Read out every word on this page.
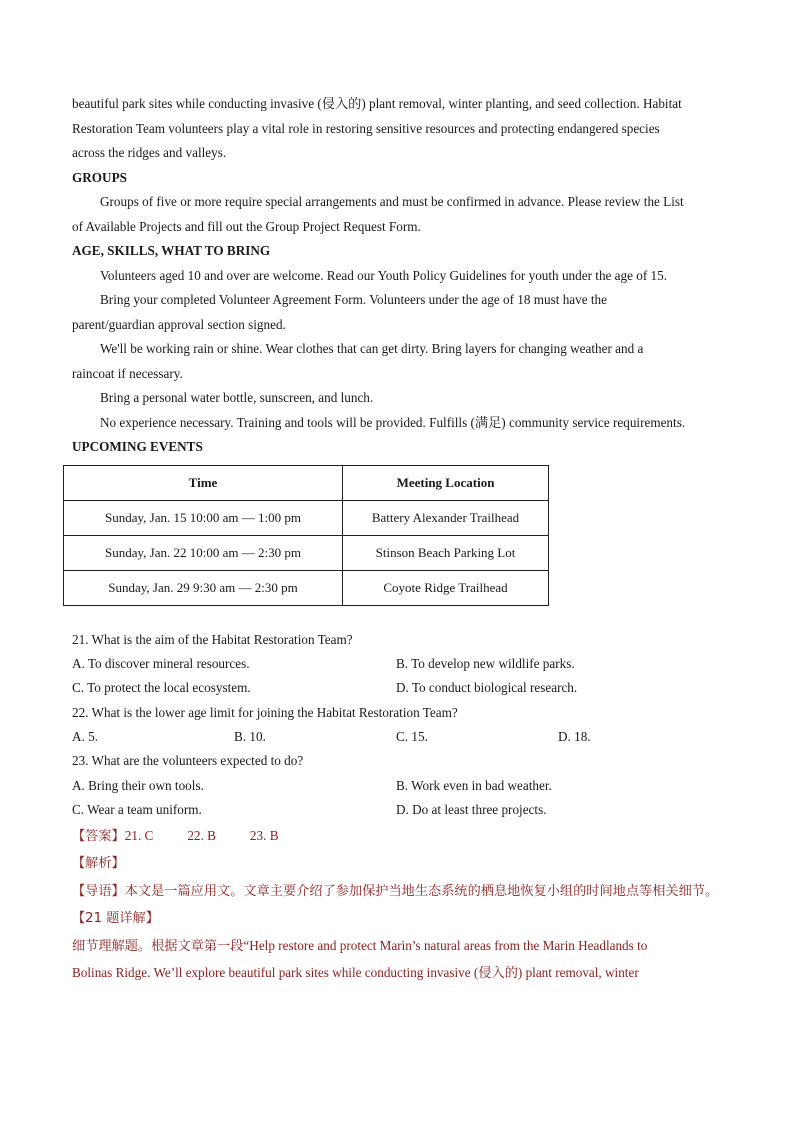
beautiful park sites while conducting invasive (侵入的) plant removal, winter planting, and seed collection. Habitat

Restoration Team volunteers play a vital role in restoring sensitive resources and protecting endangered species

across the ridges and valleys.

GROUPS

Groups of five or more require special arrangements and must be confirmed in advance. Please review the List

of Available Projects and fill out the Group Project Request Form.

AGE, SKILLS, WHAT TO BRING

Volunteers aged 10 and over are welcome. Read our Youth Policy Guidelines for youth under the age of 15.

Bring your completed Volunteer Agreement Form. Volunteers under the age of 18 must have the

parent/guardian approval section signed.

We'll be working rain or shine. Wear clothes that can get dirty. Bring layers for changing weather and a

raincoat if necessary.

Bring a personal water bottle, sunscreen, and lunch.

No experience necessary. Training and tools will be provided. Fulfills (满足) community service requirements.

UPCOMING EVENTS

Time	Meeting Location
Sunday, Jan. 15 10:00 am — 1:00 pm	Battery Alexander Trailhead
Sunday, Jan. 22 10:00 am — 2:30 pm	Stinson Beach Parking Lot
Sunday, Jan. 29 9:30 am — 2:30 pm	Coyote Ridge Trailhead

21. What is the aim of the Habitat Restoration Team?

A. To discover mineral resources.	B. To develop new wildlife parks.
C. To protect the local ecosystem.	D. To conduct biological research.

22. What is the lower age limit for joining the Habitat Restoration Team?

A. 5.	B. 10.	C. 15.	D. 18.

23. What are the volunteers expected to do?

A. Bring their own tools.	B. Work even in bad weather.
C. Wear a team uniform.	D. Do at least three projects.

【答案】21. C	22. B	23. B

【解析】

【导语】本文是一篇应用文。文章主要介绍了参加保护当地生态系统的栖息地恢复小组的时间地点等相关细节。

【21 题详解】

细节理解题。根据文章第一段“Help restore and protect Marin’s natural areas from the Marin Headlands to

Bolinas Ridge. We’ll explore beautiful park sites while conducting invasive (侵入的) plant removal, winter
